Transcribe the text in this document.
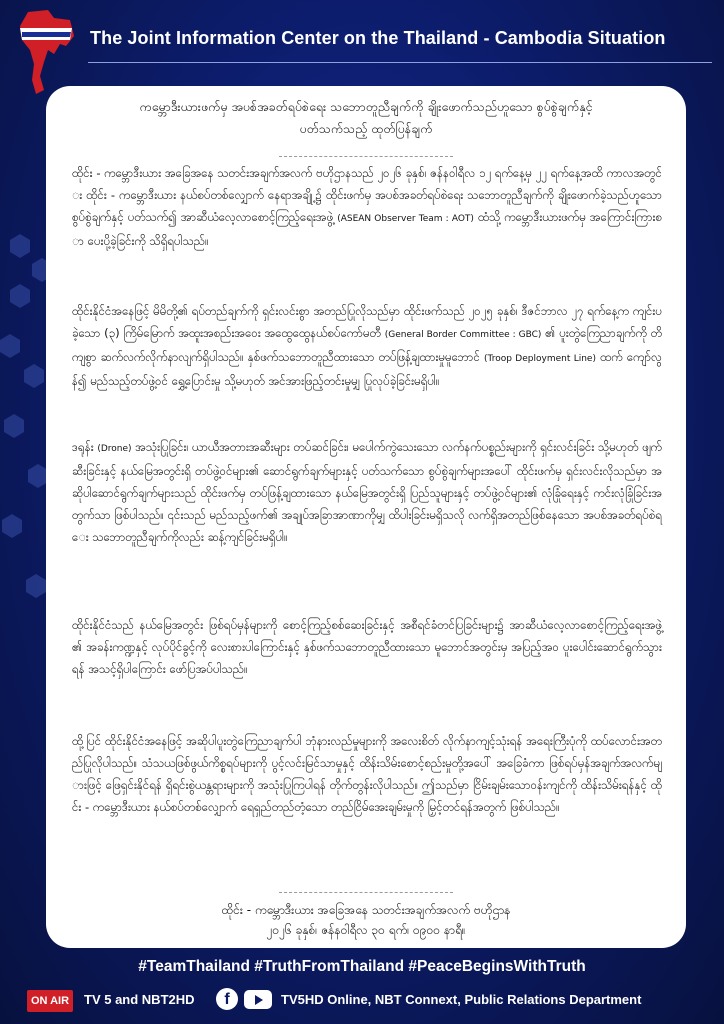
The Joint Information Center on the Thailand - Cambodia Situation
ကမ္ဘောဒီးယားဖက်မှ အပစ်အခတ်ရပ်စဲရေး သဘောတူညီချက်ကို ချိုးဖောက်သည်ဟူသော စွပ်စွဲချက်နှင့်
ပတ်သက်သည့် ထုတ်ပြန်ချက်
ထိုင်း - ကမ္ဘောဒီးယား အခြေအနေ သတင်းအချက်အလက် ဗဟိုဌာနသည် ၂၀၂၆ ခုနှစ်၊ ဇန်နဝါရီလ ၁၂ ရက်နေ့မှ ၂၂ ရက်နေ့အထိ ကာလအတွင်း ထိုင်း - ကမ္ဘောဒီးယား နယ်စပ်တစ်လျှောက် နေရာအချို့၌ ထိုင်းဖက်မှ အပစ်အခတ်ရပ်စဲရေး သဘောတူညီချက်ကို ချိုးဖောက်ခဲ့သည်ဟူသော စွပ်စွဲချက်နှင့် ပတ်သက်၍ အာဆီယံလေ့လာစောင့်ကြည့်ရေးအဖွဲ့ (ASEAN Observer Team : AOT) ထံသို့ ကမ္ဘောဒီးယားဖက်မှ အကြောင်းကြားစာ ပေးပို့ခဲ့ခြင်းကို သိရှိရပါသည်။
ထိုင်းနိုင်ငံအနေဖြင့် မိမိတို့၏ ရပ်တည်ချက်ကို ရှင်းလင်းစွာ အတည်ပြုလိုသည်မှာ ထိုင်းဖက်သည် ၂၀၂၅ ခုနှစ်၊ ဒီဇင်ဘာလ ၂၇ ရက်နေ့က ကျင်းပခဲ့သော (၃) ကြိမ်မြောက် အထူးအစည်းအဝေး အထွေထွေနယ်စပ်ကော်မတီ (General Border Committee : GBC) ၏ ပူးတွဲကြေညာချက်ကို တိကျစွာ ဆက်လက်လိုက်နာလျက်ရှိပါသည်။ နှစ်ဖက်သဘောတူညီထားသော တပ်ဖြန့်ချထားမှုမူဘောင် (Troop Deployment Line) ထက် ကျော်လွန်၍ မည်သည့်တပ်ဖွဲ့ဝင် ရွှေ့ပြောင်းမှု သို့မဟုတ် အင်အားဖြည့်တင်းမှုမျှ ပြုလုပ်ခဲ့ခြင်းမရှိပါ။
ဒရုန်း (Drone) အသုံးပြုခြင်း၊ ယာယီအတားအဆီးများ တပ်ဆင်ခြင်း၊ မပေါက်ကွဲသေးသော လက်နက်ပစ္စည်းများကို ရှင်းလင်းခြင်း သို့မဟုတ် ဖျက်ဆီးခြင်းနှင့် နယ်မြေအတွင်းရှိ တပ်ဖွဲ့ဝင်များ၏ ဆောင်ရွက်ချက်များနှင့် ပတ်သက်သော စွပ်စွဲချက်များအပေါ် ထိုင်းဖက်မှ ရှင်းလင်းလိုသည်မှာ အဆိုပါဆောင်ရွက်ချက်များသည် ထိုင်းဖက်မှ တပ်ဖြန့်ချထားသော နယ်မြေအတွင်းရှိ ပြည်သူများနှင့် တပ်ဖွဲ့ဝင်များ၏ လုံခြုံရေးနှင့် ကင်းလုံခြုံခြင်းအတွက်သာ ဖြစ်ပါသည်။ ၎င်းသည် မည်သည့်ဖက်၏ အချုပ်အခြာအာဏာကိုမျှ ထိပါးခြင်းမရှိသလို လက်ရှိအတည်ဖြစ်နေသော အပစ်အခတ်ရပ်စဲရေး သဘောတူညီချက်ကိုလည်း ဆန့်ကျင်ခြင်းမရှိပါ။
ထိုင်းနိုင်ငံသည် နယ်မြေအတွင်း ဖြစ်ရပ်မှန်များကို စောင့်ကြည့်စစ်ဆေးခြင်းနှင့် အစီရင်ခံတင်ပြခြင်းများ၌ အာဆီယံလေ့လာစောင့်ကြည့်ရေးအဖွဲ့၏ အခန်းကဏ္ဍနှင့် လုပ်ပိုင်ခွင့်ကို လေးစားပါကြောင်းနှင့် နှစ်ဖက်သဘောတူညီထားသော မူဘောင်အတွင်းမှ အပြည့်အဝ ပူးပေါင်းဆောင်ရွက်သွားရန် အသင့်ရှိပါကြောင်း ဖော်ပြအပ်ပါသည်။
ထို့ပြင် ထိုင်းနိုင်ငံအနေဖြင့် အဆိုပါပူးတွဲကြေညာချက်ပါ ဘုံနားလည်မှုများကို အလေးစိတ် လိုက်နာကျင့်သုံးရန် အရေးကြီးပုံကို ထပ်လောင်းအတည်ပြုလိုပါသည်။ သံသယဖြစ်ဖွယ်ကိစ္စရပ်များကို ပွင့်လင်းမြင်သာမှုနှင့် ထိန်းသိမ်းစောင့်စည်းမှုတို့အပေါ် အခြေခံကာ ဖြစ်ရပ်မှန်အချက်အလက်များဖြင့် ဖြေရှင်းနိုင်ရန် ရှိရင်းစွဲယန္တရားများကို အသုံးပြုကြပါရန် တိုက်တွန်းလိုပါသည်။ ဤသည်မှာ ငြိမ်းချမ်းသောဝန်းကျင်ကို ထိန်းသိမ်းရန်နှင့် ထိုင်း - ကမ္ဘောဒီးယား နယ်စပ်တစ်လျှောက် ရေရှည်တည်တံ့သော တည်ငြိမ်အေးချမ်းမှုကို မြှင့်တင်ရန်အတွက် ဖြစ်ပါသည်။
ထိုင်း - ကမ္ဘောဒီးယား အခြေအနေ သတင်းအချက်အလက် ဗဟိုဌာန
၂၀၂၆ ခုနှစ်၊ ဇန်နဝါရီလ ၃၀ ရက်၊ ၀၉၀၀ နာရီ။
#TeamThailand #TruthFromThailand #PeaceBeginsWithTruth
ON AIR	TV 5 and NBT2HD	f	TV5HD Online, NBT Connext, Public Relations Department
